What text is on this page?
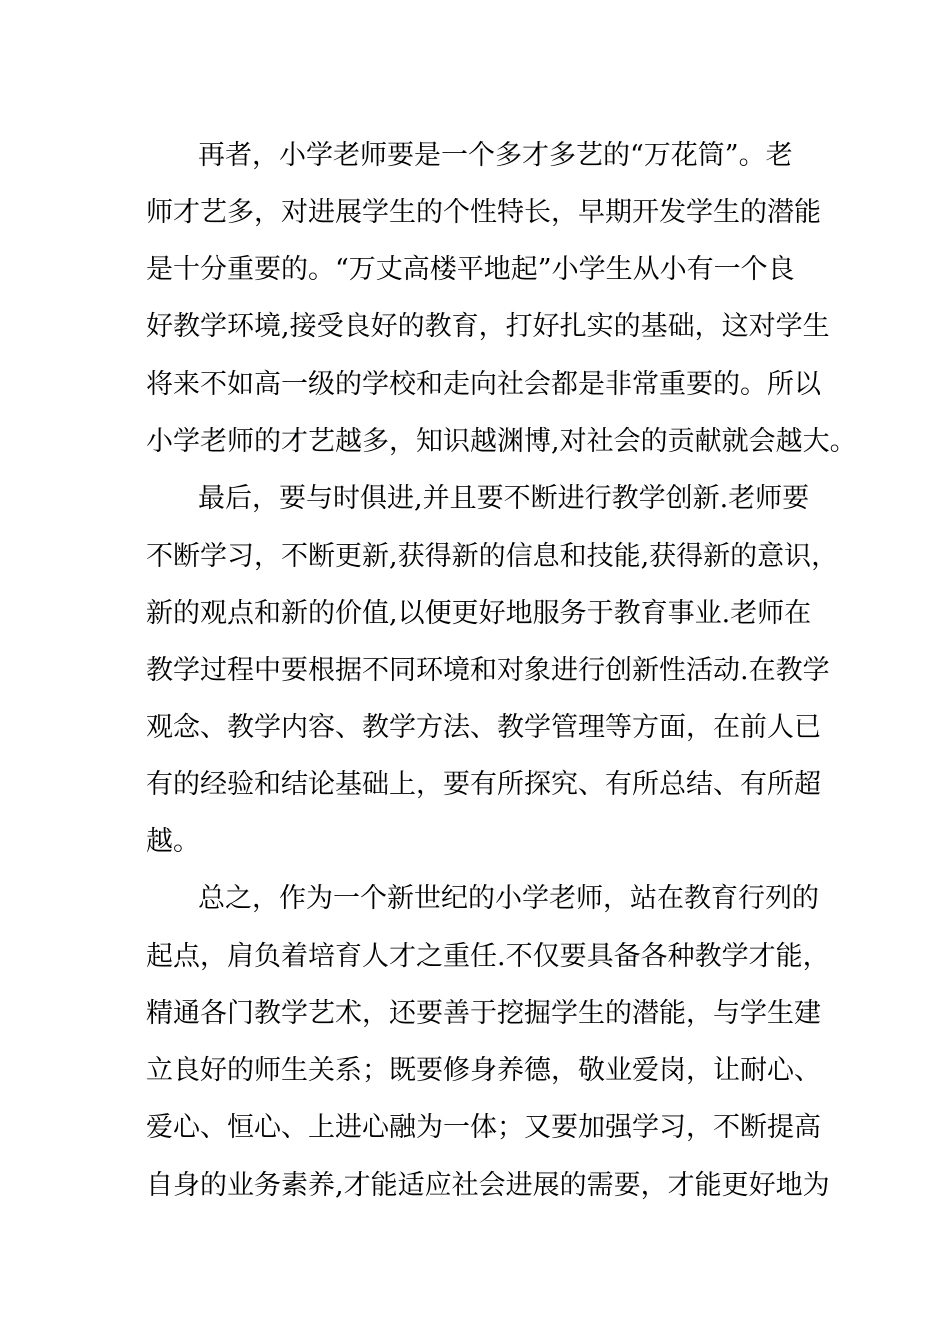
再者，小学老师要是一个多才多艺的“万花筒”。老
师才艺多，对进展学生的个性特长，早期开发学生的潜能
是十分重要的。“万丈高楼平地起”小学生从小有一个良
好教学环境,接受良好的教育，打好扎实的基础，这对学生
将来不如高一级的学校和走向社会都是非常重要的。所以
小学老师的才艺越多，知识越渊博,对社会的贡献就会越大。
最后，要与时俱进,并且要不断进行教学创新.老师要
不断学习，不断更新,获得新的信息和技能,获得新的意识，
新的观点和新的价值,以便更好地服务于教育事业.老师在
教学过程中要根据不同环境和对象进行创新性活动.在教学
观念、教学内容、教学方法、教学管理等方面，在前人已
有的经验和结论基础上，要有所探究、有所总结、有所超
越。
总之，作为一个新世纪的小学老师，站在教育行列的
起点，肩负着培育人才之重任.不仅要具备各种教学才能，
精通各门教学艺术，还要善于挖掘学生的潜能，与学生建
立良好的师生关系；既要修身养德，敬业爱岗，让耐心、
爱心、恒心、上进心融为一体；又要加强学习，不断提高
自身的业务素养,才能适应社会进展的需要，才能更好地为
